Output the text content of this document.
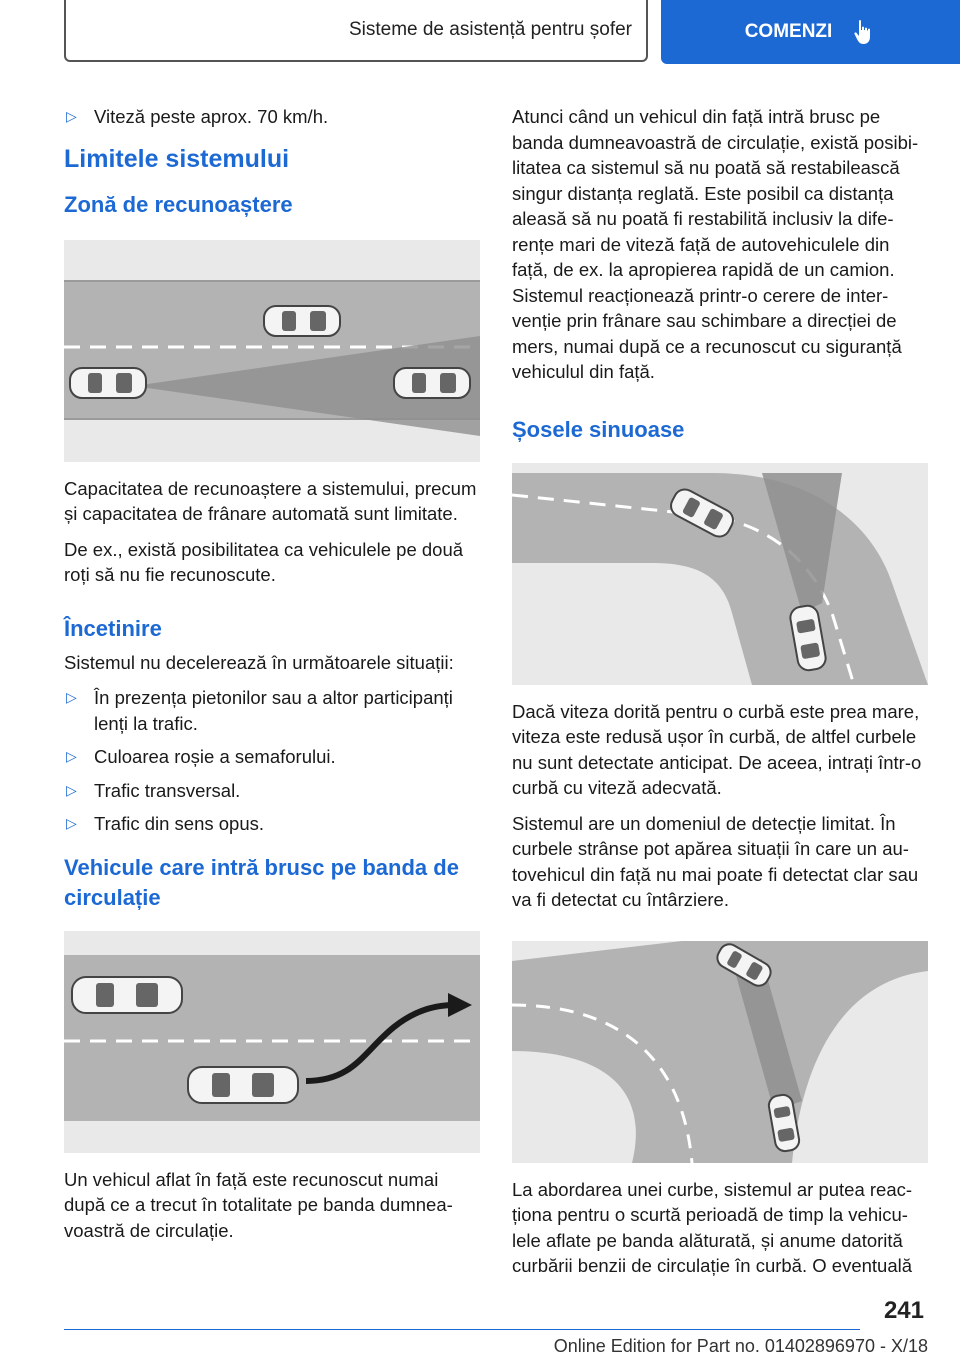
Sisteme de asistență pentru șofer	COMENZI
▷ Viteză peste aprox. 70 km/h.
Limitele sistemului
Zonă de recunoaștere

Capacitatea de recunoaștere a sistemului, precum și capacitatea de frânare automată sunt limitate.

De ex., există posibilitatea ca vehiculele pe două roți să nu fie recunoscute.

Încetinire

Sistemul nu decelerează în următoarele situații:

▷ În prezența pietonilor sau a altor participanți lenți la trafic.
▷ Culoarea roșie a semaforului.
▷ Trafic transversal.
▷ Trafic din sens opus.
Vehicule care intră brusc pe banda de circulație

Un vehicul aflat în față este recunoscut numai după ce a trecut în totalitate pe banda dumneavoastră de circulație.

Atunci când un vehicul din față intră brusc pe banda dumneavoastră de circulație, există posibilitatea ca sistemul să nu poată să restabilească singur distanța reglată. Este posibil ca distanța aleasă să nu poată fi restabilită inclusiv la diferențe mari de viteză față de autovehiculele din față, de ex. la apropierea rapidă de un camion. Sistemul reacționează printr-o cerere de intervenție prin frânare sau schimbare a direcției de mers, numai după ce a recunoscut cu siguranță vehiculul din față.

Șosele sinuoase

Dacă viteza dorită pentru o curbă este prea mare, viteza este redusă ușor în curbă, de altfel curbele nu sunt detectate anticipat. De aceea, intrați într-o curbă cu viteză adecvată.

Sistemul are un domeniul de detecție limitat. În curbele strânse pot apărea situații în care un autovehicul din față nu mai poate fi detectat clar sau va fi detectat cu întârziere.

La abordarea unei curbe, sistemul ar putea reacționa pentru o scurtă perioadă de timp la vehiculele aflate pe banda alăturată, și anume datorită curbării benzii de circulație în curbă. O eventuală

241
Online Edition for Part no. 01402896970 - X/18
